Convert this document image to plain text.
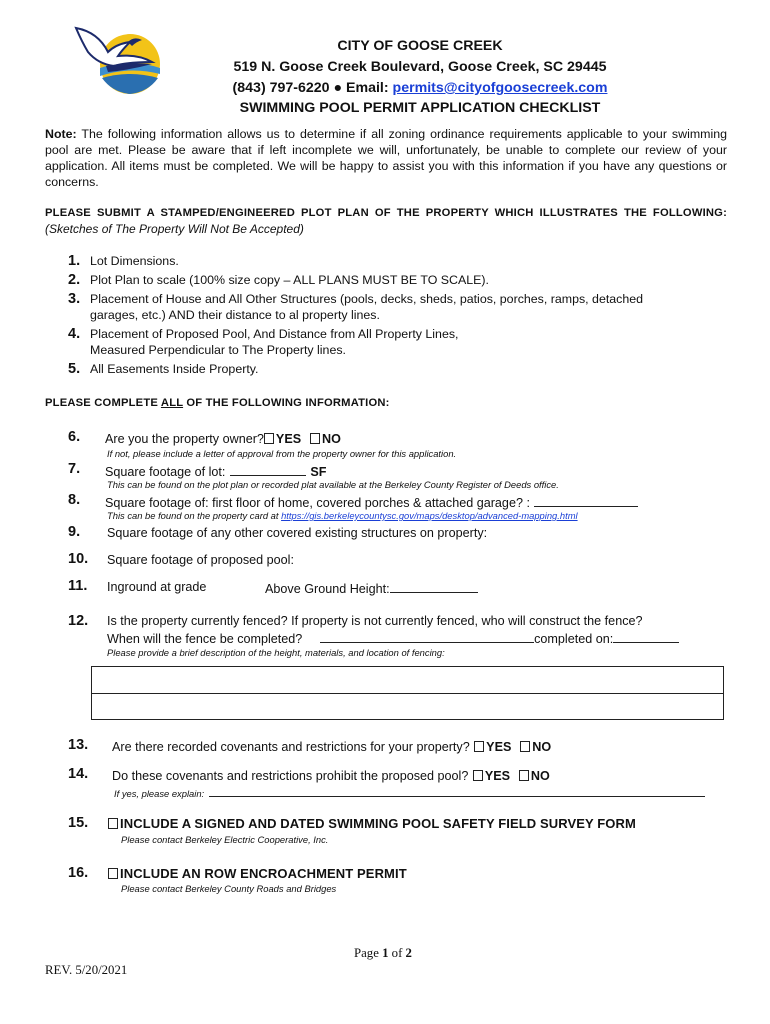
CITY OF GOOSE CREEK
519 N. Goose Creek Boulevard, Goose Creek, SC 29445
(843) 797-6220 ● Email: permits@cityofgoosecreek.com
SWIMMING POOL PERMIT APPLICATION CHECKLIST
Note: The following information allows us to determine if all zoning ordinance requirements applicable to your swimming pool are met. Please be aware that if left incomplete we will, unfortunately, be unable to complete our review of your application. All items must be completed. We will be happy to assist you with this information if you have any questions or concerns.
PLEASE SUBMIT A STAMPED/ENGINEERED PLOT PLAN OF THE PROPERTY WHICH ILLUSTRATES THE FOLLOWING: (Sketches of The Property Will Not Be Accepted)
1. Lot Dimensions.
2. Plot Plan to scale (100% size copy – ALL PLANS MUST BE TO SCALE).
3. Placement of House and All Other Structures (pools, decks, sheds, patios, porches, ramps, detached
garages, etc.) AND their distance to al property lines.
4. Placement of Proposed Pool, And Distance from All Property Lines,
Measured Perpendicular to The Property lines.
5. All Easements Inside Property.
PLEASE COMPLETE ALL OF THE FOLLOWING INFORMATION:
6. Are you the property owner? YES NO
If not, please include a letter of approval from the property owner for this application.
7. Square footage of lot:	SF
This can be found on the plot plan or recorded plat available at the Berkeley County Register of Deeds office.
8. Square footage of: first floor of home, covered porches & attached garage? :
This can be found on the property card at https://gis.berkeleycountysc.gov/maps/desktop/advanced-mapping.html
9. Square footage of any other covered existing structures on property:
10. Square footage of proposed pool:
11. Inground at grade	Above Ground Height:
12. Is the property currently fenced? If property is not currently fenced, who will construct the fence?
When will the fence be completed?	completed on:
Please provide a brief description of the height, materials, and location of fencing:
13. Are there recorded covenants and restrictions for your property? YES NO
14. Do these covenants and restrictions prohibit the proposed pool? YES NO
If yes, please explain:
15.	INCLUDE A SIGNED AND DATED SWIMMING POOL SAFETY FIELD SURVEY FORM
Please contact Berkeley Electric Cooperative, Inc.
16.	INCLUDE AN ROW ENCROACHMENT PERMIT
Please contact Berkeley County Roads and Bridges
Page 1 of 2
REV. 5/20/2021
